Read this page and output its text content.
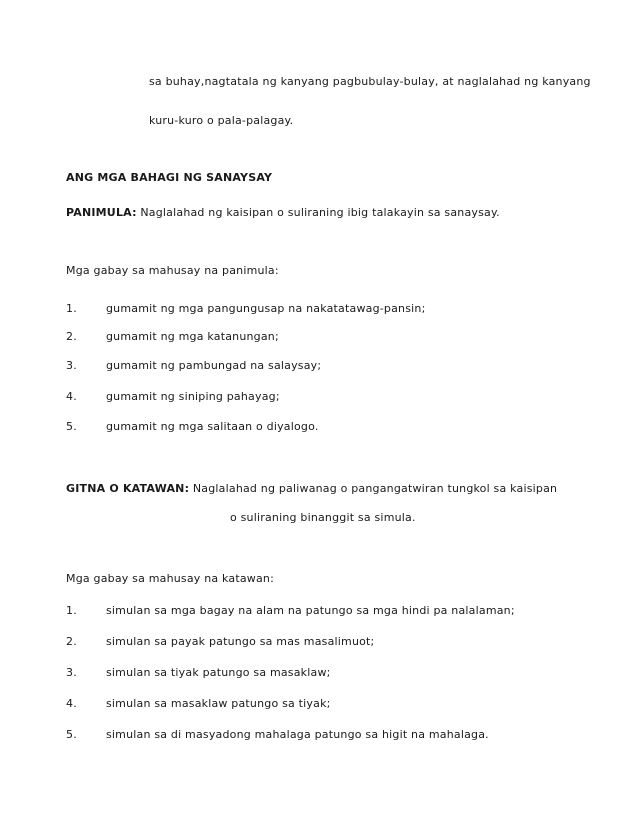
sa buhay,nagtatala ng kanyang pagbubulay-bulay, at naglalahad ng kanyang
kuru-kuro o pala-palagay.
ANG MGA BAHAGI NG SANAYSAY
PANIMULA: Naglalahad ng kaisipan o suliraning ibig talakayin sa sanaysay.
Mga gabay sa mahusay na panimula:
1.	gumamit ng mga pangungusap na nakatatawag-pansin;
2.	gumamit ng mga katanungan;
3.	gumamit ng pambungad na salaysay;
4.	gumamit ng siniping pahayag;
5.	gumamit ng mga salitaan o diyalogo.
GITNA O KATAWAN: Naglalahad ng paliwanag o pangangatwiran tungkol sa kaisipan
o suliraning binanggit sa simula.
Mga gabay sa mahusay na katawan:
1.	simulan sa mga bagay na alam na patungo sa mga hindi pa nalalaman;
2.	simulan sa payak patungo sa mas masalimuot;
3.	simulan sa tiyak patungo sa masaklaw;
4.	simulan sa masaklaw patungo sa tiyak;
5.	simulan sa di masyadong mahalaga patungo sa higit na mahalaga.
